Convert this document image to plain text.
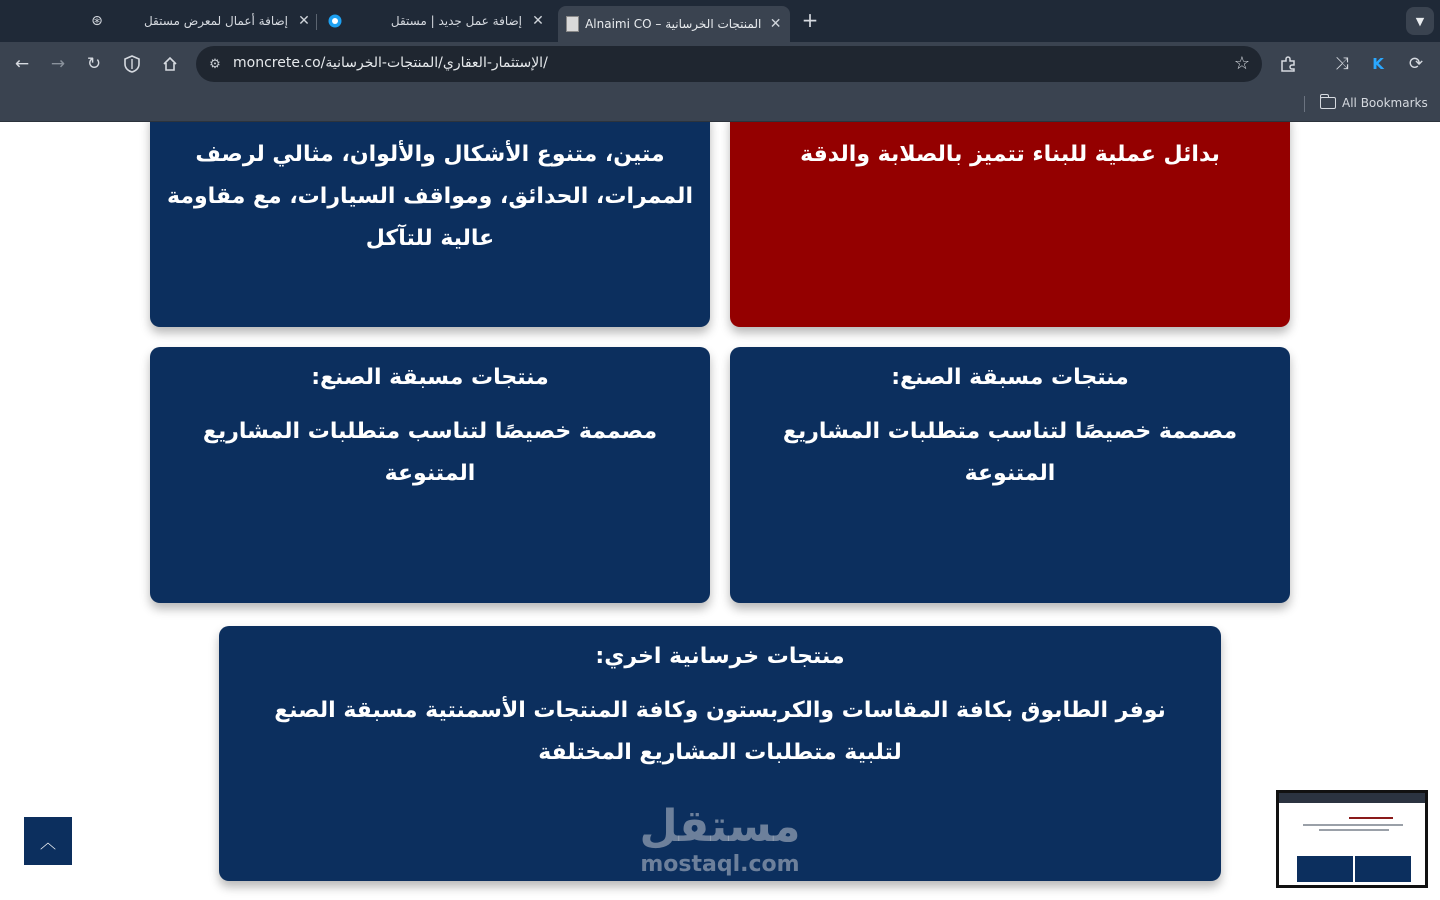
⊛	إضافة أعمال لمعرض مستقل ✕	إضافة عمل جديد | مستقل ✕	المنتجات الخرسانية – Alnaimi CO ✕ +	▼
← → ↻	⚙ moncrete.co/الإستثمار-العقاري/المنتجات-الخرسانية/	☆	⤨ K ⟳
All Bookmarks
متين، متنوع الأشكال والألوان، مثالي لرصف الممرات، الحدائق، ومواقف السيارات، مع مقاومة عالية للتآكل
بدائل عملية للبناء تتميز بالصلابة والدقة
منتجات مسبقة الصنع:
مصممة خصيصًا لتناسب متطلبات المشاريع المتنوعة
منتجات مسبقة الصنع:
مصممة خصيصًا لتناسب متطلبات المشاريع المتنوعة
منتجات خرسانية اخري:
نوفر الطابوق بكافة المقاسات والكربستون وكافة المنتجات الأسمنتية مسبقة الصنع لتلبية متطلبات المشاريع المختلفة
مستقل
mostaql.com
︿
